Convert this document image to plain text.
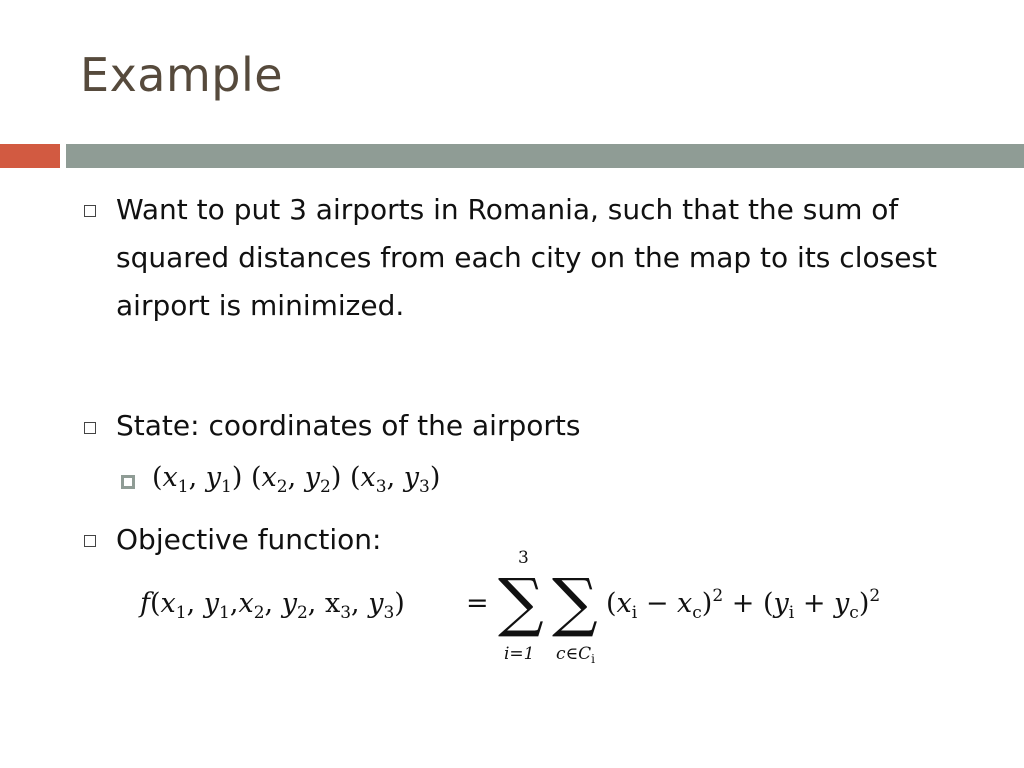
Example
Want to put 3 airports in Romania, such that the sum of squared distances from each city on the map to its closest airport is minimized.
State: coordinates of the airports
($x_1$, $y_1$) ($x_2$, $y_2$) ($x_3$, $y_3$)
Objective function:
$f(x_1$, $y_1,x_2$, $y_2$, $x_3$, $y_3$) =
3
∑
i=1
∑
$c\in C_i$
$(x_i - x_c)^2 + (y_i + y_c)^2$
